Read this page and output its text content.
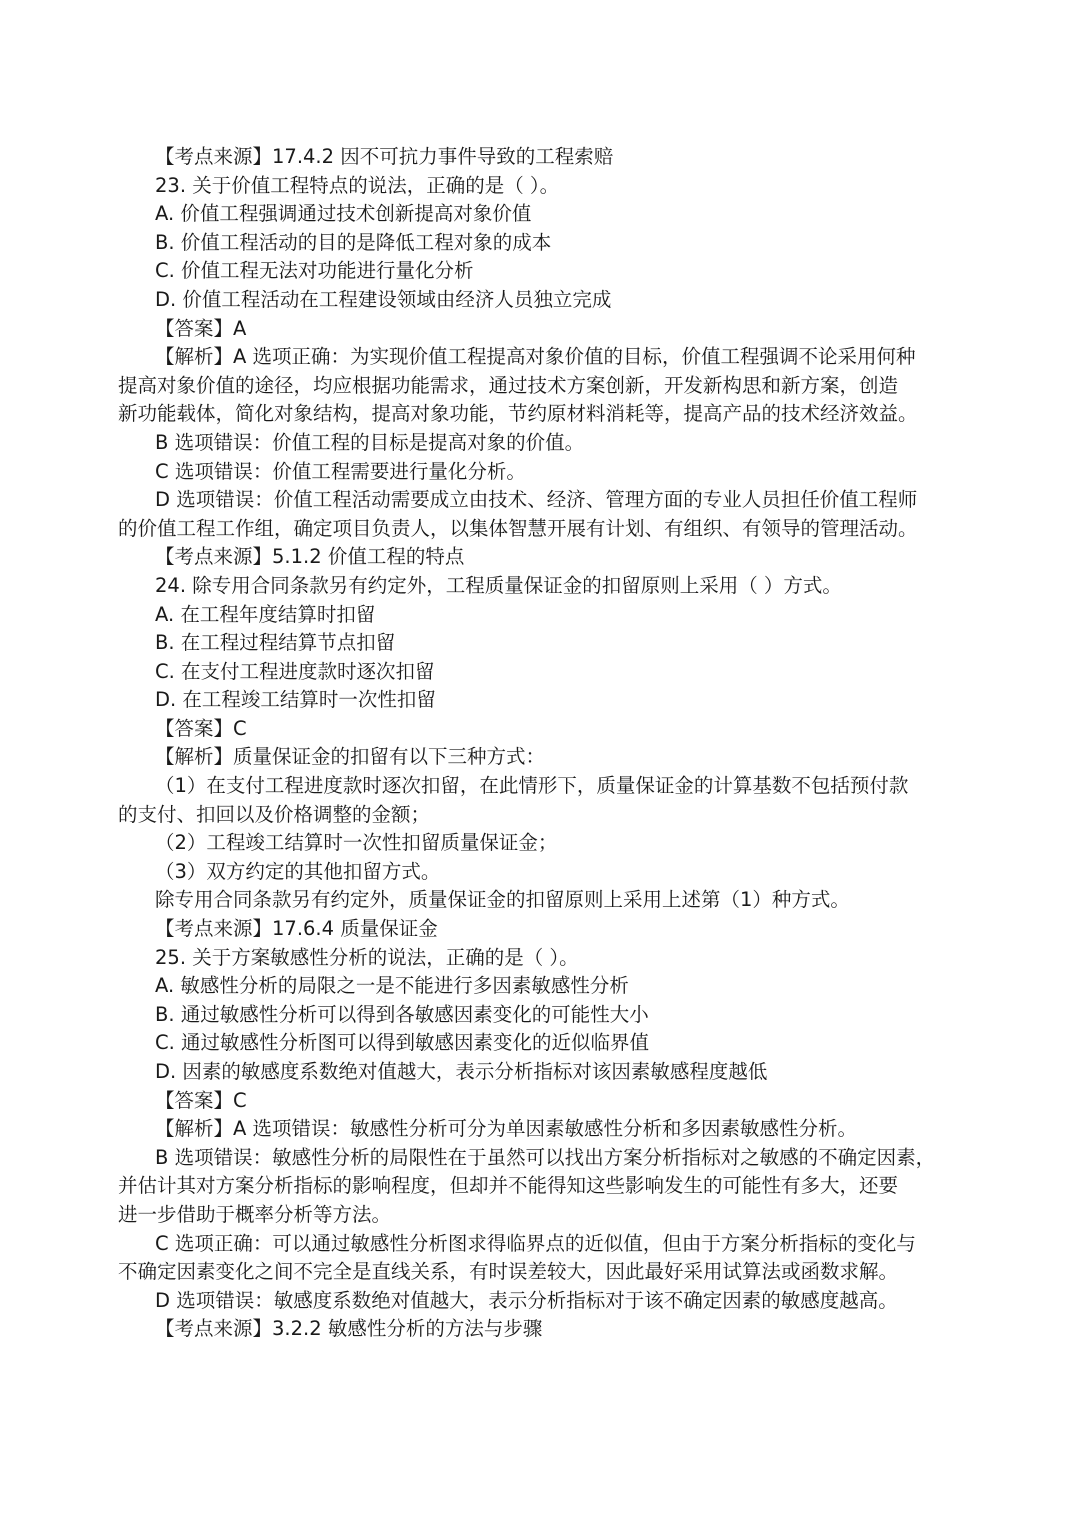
【考点来源】17.4.2 因不可抗力事件导致的工程索赔
23. 关于价值工程特点的说法，正确的是（ ）。
A. 价值工程强调通过技术创新提高对象价值
B. 价值工程活动的目的是降低工程对象的成本
C. 价值工程无法对功能进行量化分析
D. 价值工程活动在工程建设领域由经济人员独立完成
【答案】A
【解析】A 选项正确：为实现价值工程提高对象价值的目标，价值工程强调不论采用何种
提高对象价值的途径，均应根据功能需求，通过技术方案创新，开发新构思和新方案，创造
新功能载体，简化对象结构，提高对象功能，节约原材料消耗等，提高产品的技术经济效益。
B 选项错误：价值工程的目标是提高对象的价值。
C 选项错误：价值工程需要进行量化分析。
D 选项错误：价值工程活动需要成立由技术、经济、管理方面的专业人员担任价值工程师
的价值工程工作组，确定项目负责人，以集体智慧开展有计划、有组织、有领导的管理活动。
【考点来源】5.1.2 价值工程的特点
24. 除专用合同条款另有约定外，工程质量保证金的扣留原则上采用（ ）方式。
A. 在工程年度结算时扣留
B. 在工程过程结算节点扣留
C. 在支付工程进度款时逐次扣留
D. 在工程竣工结算时一次性扣留
【答案】C
【解析】质量保证金的扣留有以下三种方式：
（1）在支付工程进度款时逐次扣留，在此情形下，质量保证金的计算基数不包括预付款
的支付、扣回以及价格调整的金额；
（2）工程竣工结算时一次性扣留质量保证金；
（3）双方约定的其他扣留方式。
除专用合同条款另有约定外，质量保证金的扣留原则上采用上述第（1）种方式。
【考点来源】17.6.4 质量保证金
25. 关于方案敏感性分析的说法，正确的是（ ）。
A. 敏感性分析的局限之一是不能进行多因素敏感性分析
B. 通过敏感性分析可以得到各敏感因素变化的可能性大小
C. 通过敏感性分析图可以得到敏感因素变化的近似临界值
D. 因素的敏感度系数绝对值越大，表示分析指标对该因素敏感程度越低
【答案】C
【解析】A 选项错误：敏感性分析可分为单因素敏感性分析和多因素敏感性分析。
B 选项错误：敏感性分析的局限性在于虽然可以找出方案分析指标对之敏感的不确定因素，
并估计其对方案分析指标的影响程度，但却并不能得知这些影响发生的可能性有多大，还要
进一步借助于概率分析等方法。
C 选项正确：可以通过敏感性分析图求得临界点的近似值，但由于方案分析指标的变化与
不确定因素变化之间不完全是直线关系，有时误差较大，因此最好采用试算法或函数求解。
D 选项错误：敏感度系数绝对值越大，表示分析指标对于该不确定因素的敏感度越高。
【考点来源】3.2.2 敏感性分析的方法与步骤
